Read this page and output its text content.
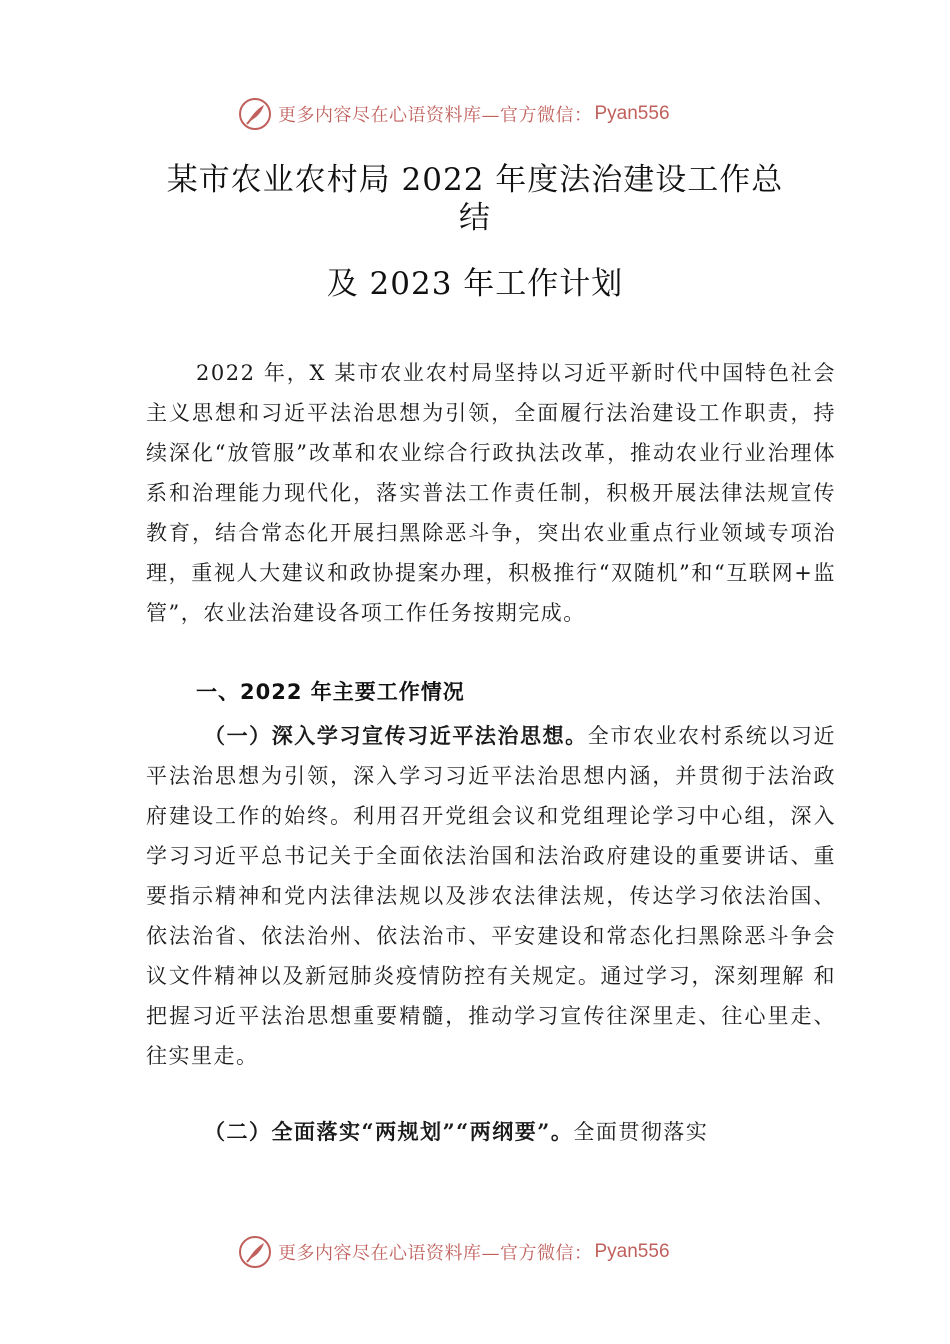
更多内容尽在心语资料库—官方微信： Pyan556
某市农业农村局 2022 年度法治建设工作总
结
及 2023 年工作计划
2022 年，X 某市农业农村局坚持以习近平新时代中国特色社会主义思想和习近平法治思想为引领，全面履行法治建设工作职责，持续深化“放管服”改革和农业综合行政执法改革，推动农业行业治理体系和治理能力现代化，落实普法工作责任制，积极开展法律法规宣传教育，结合常态化开展扫黑除恶斗争，突出农业重点行业领域专项治理，重视人大建议和政协提案办理，积极推行“双随机”和“互联网+监管”，农业法治建设各项工作任务按期完成。
一、2022 年主要工作情况
（一）深入学习宣传习近平法治思想。全市农业农村系统以习近平法治思想为引领，深入学习习近平法治思想内涵，并贯彻于法治政府建设工作的始终。利用召开党组会议和党组理论学习中心组，深入学习习近平总书记关于全面依法治国和法治政府建设的重要讲话、重要指示精神和党内法律法规以及涉农法律法规，传达学习依法治国、依法治省、依法治州、依法治市、平安建设和常态化扫黑除恶斗争会议文件精神以及新冠肺炎疫情防控有关规定。通过学习，深刻理解 和把握习近平法治思想重要精髓，推动学习宣传往深里走、往心里走、往实里走。
（二）全面落实“两规划”“两纲要”。全面贯彻落实
更多内容尽在心语资料库—官方微信： Pyan556
